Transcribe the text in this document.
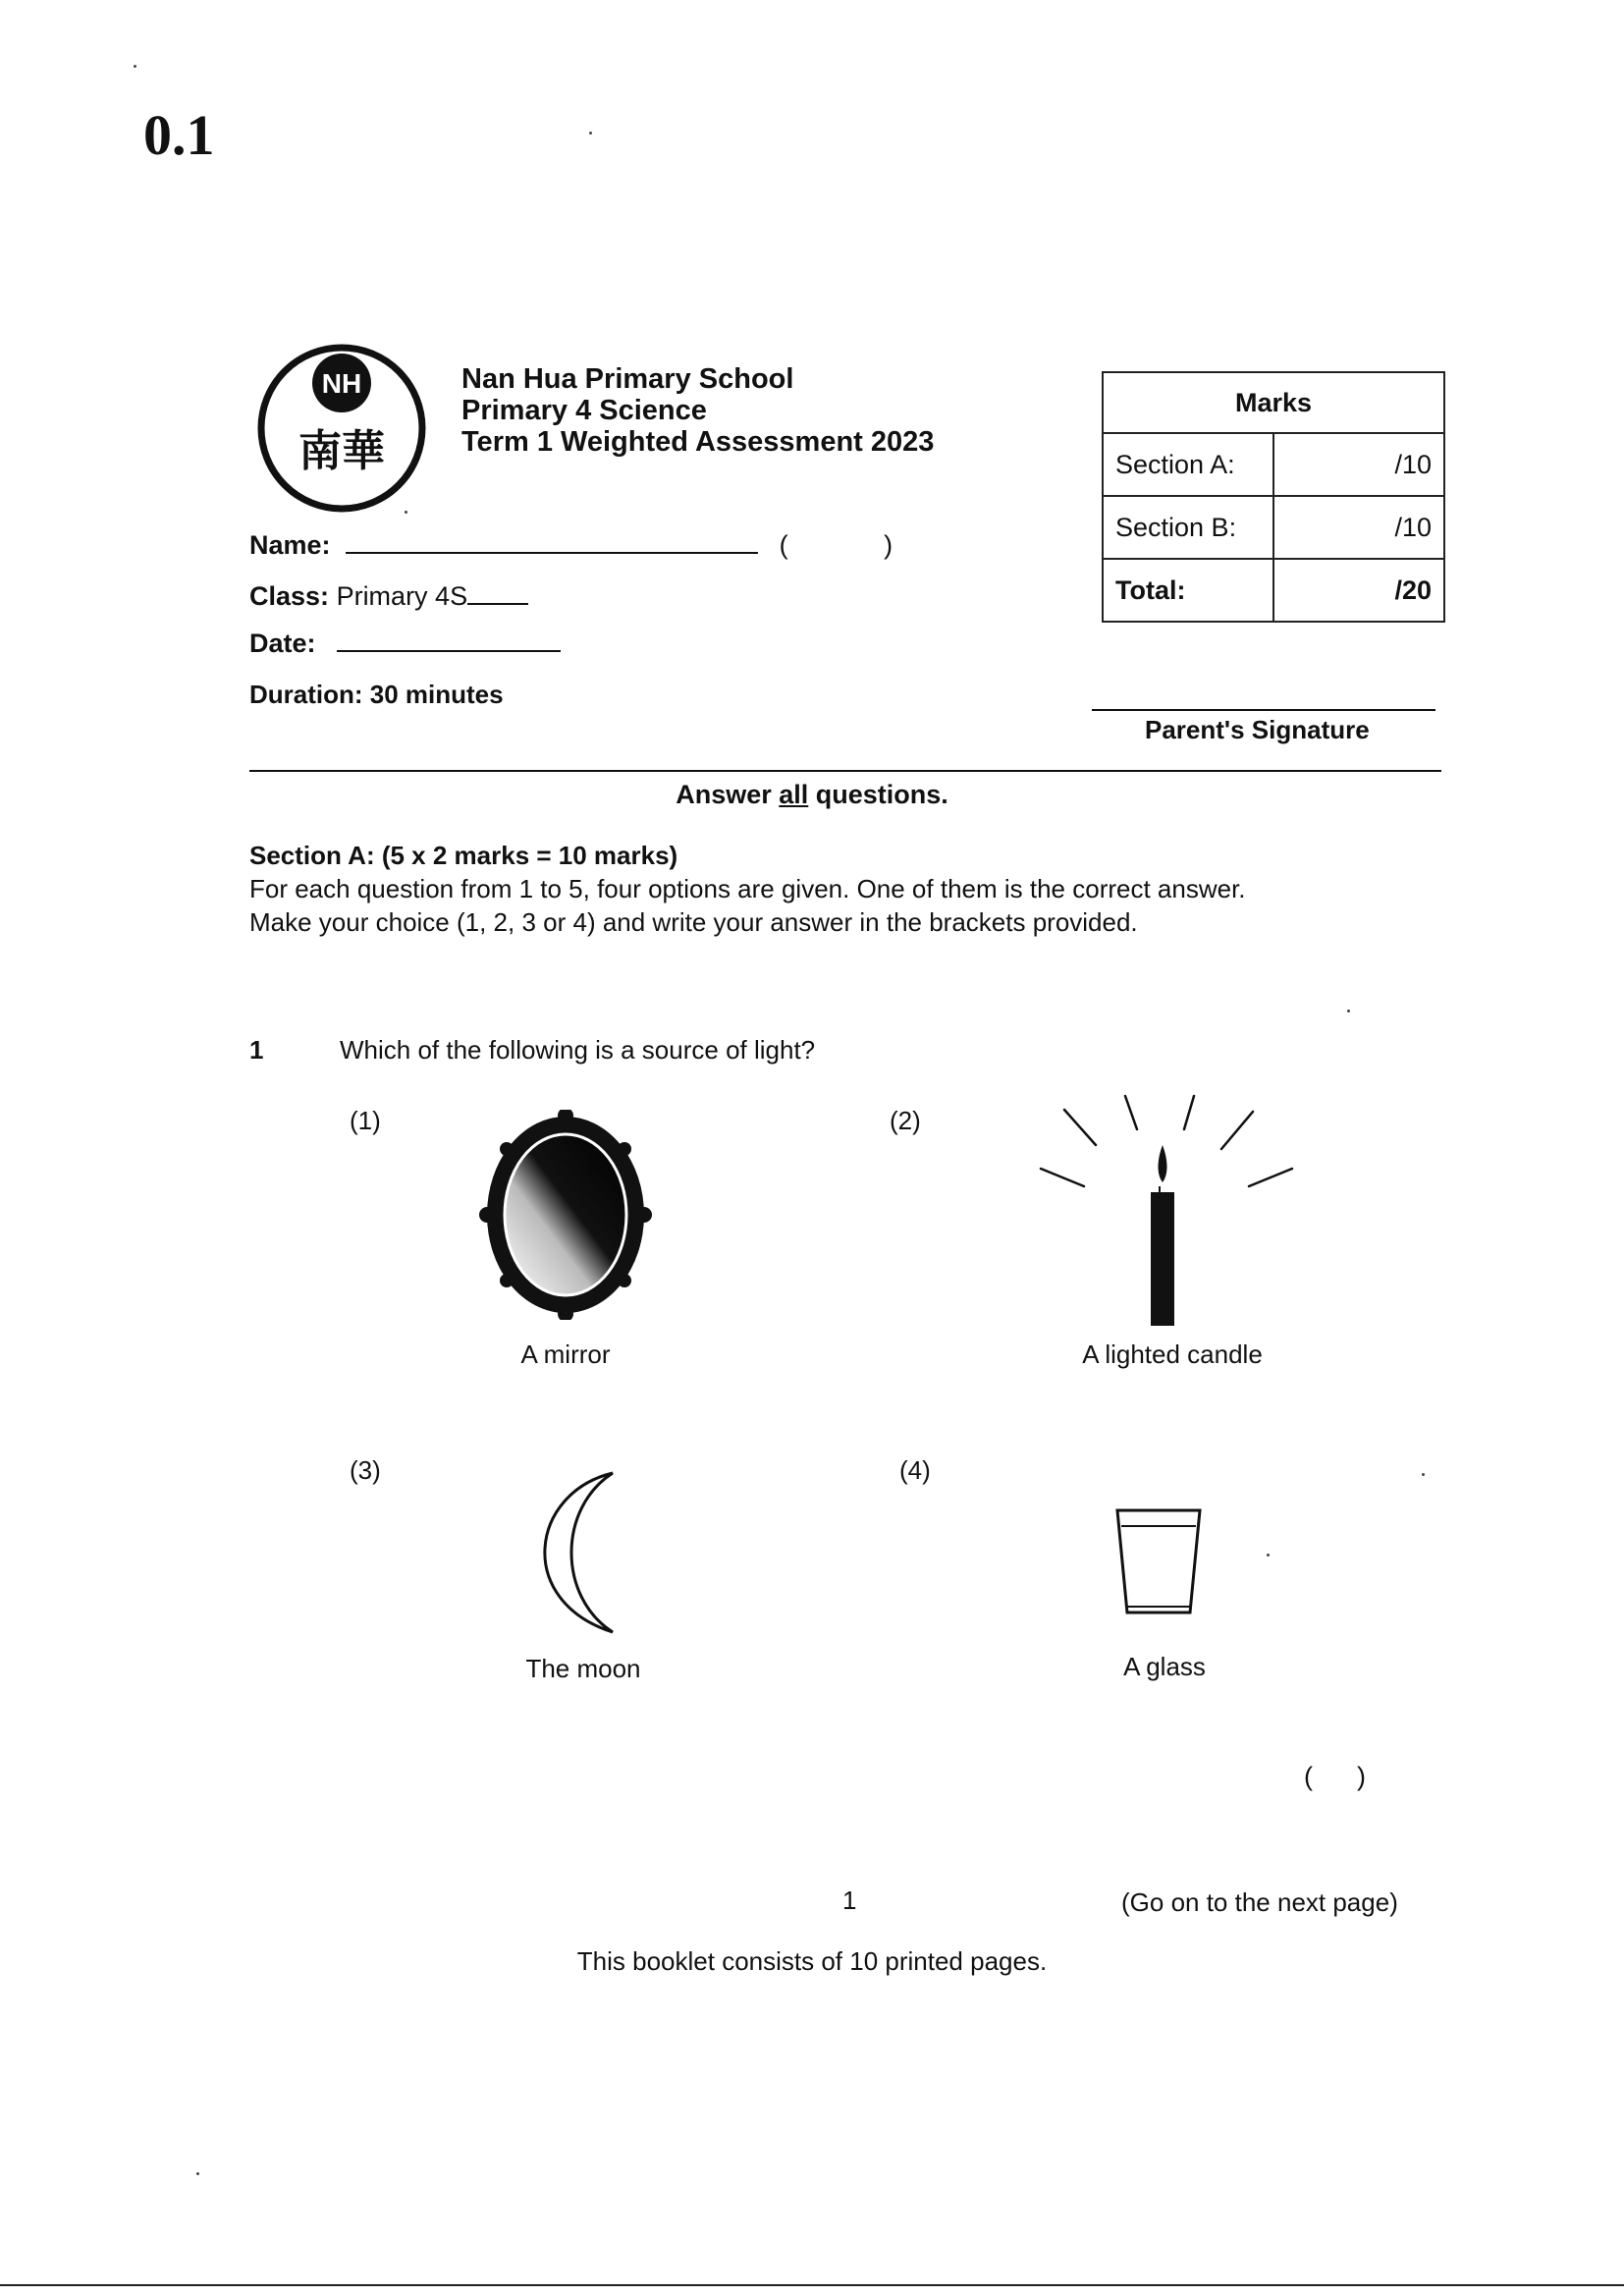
0.1
NH
南華
Nan Hua Primary School
Primary 4 Science
Term 1 Weighted Assessment 2023
Marks	
Section A:	/10
Section B:	/10
Total:	/20
Name:	(	)
Class: Primary 4S
Date:
Duration: 30 minutes
Parent's Signature
Answer all questions.
Section A: (5 x 2 marks = 10 marks)
For each question from 1 to 5, four options are given. One of them is the correct answer.
Make your choice (1, 2, 3 or 4) and write your answer in the brackets provided.
1	Which of the following is a source of light?
(1)
A mirror
(2)
A lighted candle
(3)
The moon
(4)
A glass
(      )
1	(Go on to the next page)
This booklet consists of 10 printed pages.
